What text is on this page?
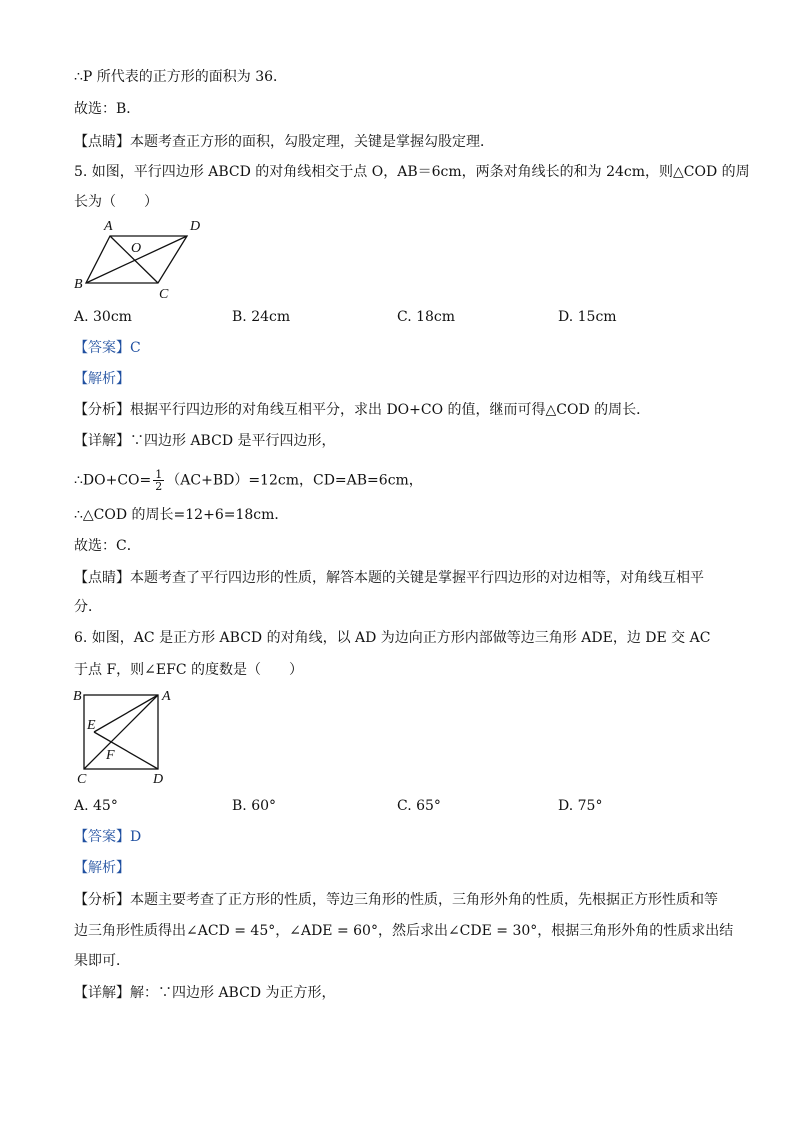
∴P 所代表的正方形的面积为 36．
故选：B．
【点睛】本题考查正方形的面积，勾股定理，关键是掌握勾股定理．
5. 如图，平行四边形 ABCD 的对角线相交于点 O，AB＝6cm，两条对角线长的和为 24cm，则△COD 的周
长为（　　）
A	D
O
B
C
A. 30cm	B. 24cm	C. 18cm	D. 15cm
【答案】C
【解析】
【分析】根据平行四边形的对角线互相平分，求出 DO+CO 的值，继而可得△COD 的周长．
【详解】∵四边形 ABCD 是平行四边形，
∴DO+CO= $\frac{1}{2} (AC+BD)=12cm$，CD=AB=6cm，
∴△COD 的周长=12+6=18cm．
故选：C．
【点睛】本题考查了平行四边形的性质，解答本题的关键是掌握平行四边形的对边相等，对角线互相平
分．
6. 如图，AC 是正方形 ABCD 的对角线，以 AD 为边向正方形内部做等边三角形 ADE，边 DE 交 AC
于点 F，则∠EFC 的度数是（　　）
B	A
E
F
C	D
A. 45°	B. 60°	C. 65°	D. 75°
【答案】D
【解析】
【分析】本题主要考查了正方形的性质，等边三角形的性质，三角形外角的性质，先根据正方形性质和等
边三角形性质得出∠ACD = 45°，∠ADE = 60°，然后求出∠CDE = 30°，根据三角形外角的性质求出结
果即可．
【详解】解：∵四边形 ABCD 为正方形，
